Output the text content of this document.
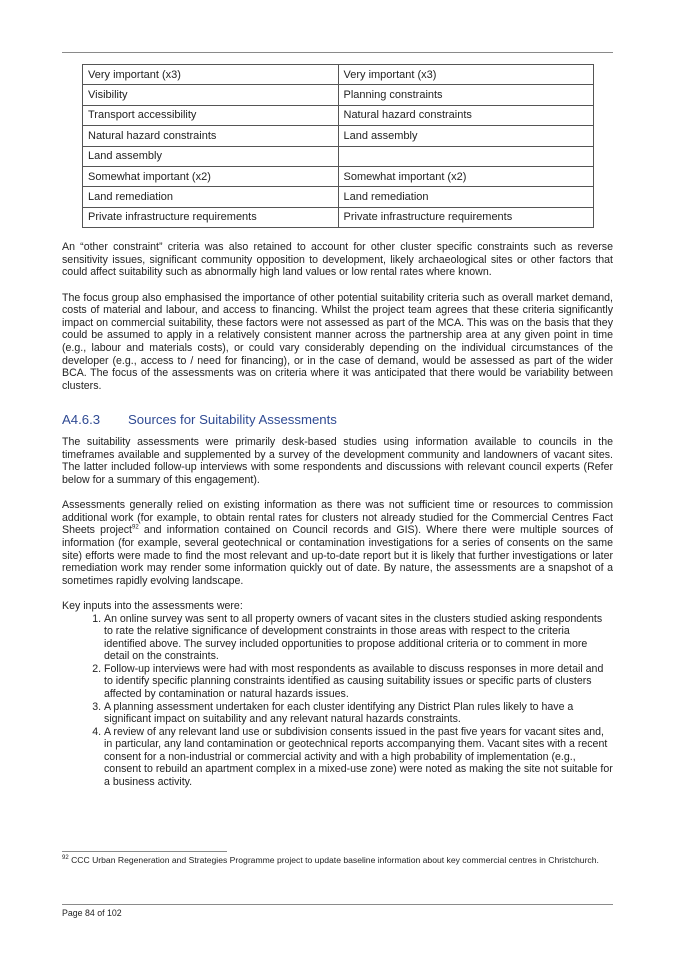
Very important (x3)	Very important (x3)
Visibility	Planning constraints
Transport accessibility	Natural hazard constraints
Natural hazard constraints	Land assembly
Land assembly	
Somewhat important (x2)	Somewhat important (x2)
Land remediation	Land remediation
Private infrastructure requirements	Private infrastructure requirements

An “other constraint” criteria was also retained to account for other cluster specific constraints such as reverse sensitivity issues, significant community opposition to development, likely archaeological sites or other factors that could affect suitability such as abnormally high land values or low rental rates where known.

The focus group also emphasised the importance of other potential suitability criteria such as overall market demand, costs of material and labour, and access to financing. Whilst the project team agrees that these criteria significantly impact on commercial suitability, these factors were not assessed as part of the MCA. This was on the basis that they could be assumed to apply in a relatively consistent manner across the partnership area at any given point in time (e.g., labour and materials costs), or could vary considerably depending on the individual circumstances of the developer (e.g., access to / need for financing), or in the case of demand, would be assessed as part of the wider BCA. The focus of the assessments was on criteria where it was anticipated that there would be variability between clusters.

A4.6.3 Sources for Suitability Assessments

The suitability assessments were primarily desk-based studies using information available to councils in the timeframes available and supplemented by a survey of the development community and landowners of vacant sites. The latter included follow-up interviews with some respondents and discussions with relevant council experts (Refer below for a summary of this engagement).

Assessments generally relied on existing information as there was not sufficient time or resources to commission additional work (for example, to obtain rental rates for clusters not already studied for the Commercial Centres Fact Sheets project$^{92}$ and information contained on Council records and GIS). Where there were multiple sources of information (for example, several geotechnical or contamination investigations for a series of consents on the same site) efforts were made to find the most relevant and up-to-date report but it is likely that further investigations or later remediation work may render some information quickly out of date. By nature, the assessments are a snapshot of a sometimes rapidly evolving landscape.

Key inputs into the assessments were:

1. An online survey was sent to all property owners of vacant sites in the clusters studied asking respondents to rate the relative significance of development constraints in those areas with respect to the criteria identified above. The survey included opportunities to propose additional criteria or to comment in more detail on the constraints.
2. Follow-up interviews were had with most respondents as available to discuss responses in more detail and to identify specific planning constraints identified as causing suitability issues or specific parts of clusters affected by contamination or natural hazards issues.
3. A planning assessment undertaken for each cluster identifying any District Plan rules likely to have a significant impact on suitability and any relevant natural hazards constraints.
4. A review of any relevant land use or subdivision consents issued in the past five years for vacant sites and, in particular, any land contamination or geotechnical reports accompanying them. Vacant sites with a recent consent for a non-industrial or commercial activity and with a high probability of implementation (e.g., consent to rebuild an apartment complex in a mixed-use zone) were noted as making the site not suitable for a business activity.
$^{92}$ CCC Urban Regeneration and Strategies Programme project to update baseline information about key commercial centres in Christchurch.
Page 84 of 102
